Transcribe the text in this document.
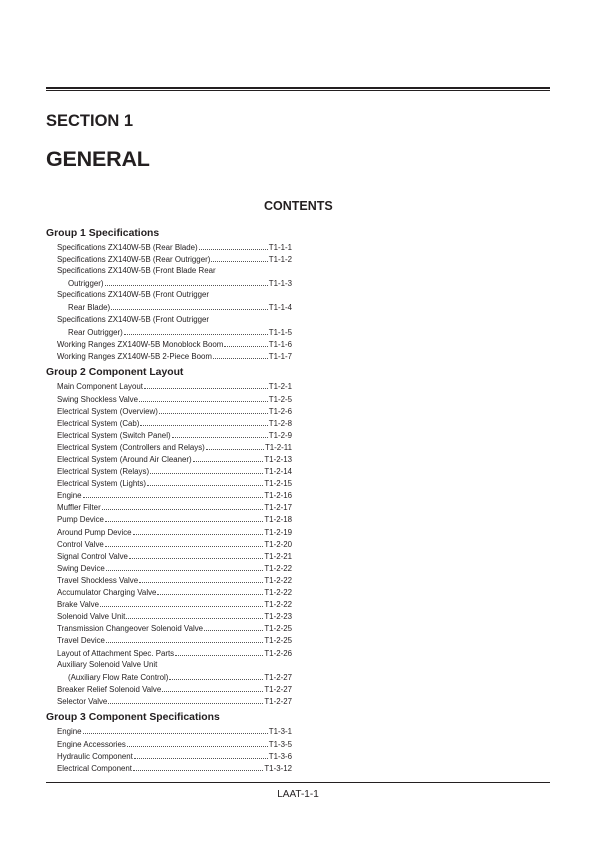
SECTION 1
GENERAL
CONTENTS
Group 1 Specifications
Specifications ZX140W-5B (Rear Blade)	T1-1-1
Specifications ZX140W-5B (Rear Outrigger)	T1-1-2
Specifications ZX140W-5B (Front Blade Rear
Outrigger)	T1-1-3
Specifications ZX140W-5B (Front Outrigger
Rear Blade)	T1-1-4
Specifications ZX140W-5B (Front Outrigger
Rear Outrigger)	T1-1-5
Working Ranges ZX140W-5B Monoblock Boom	T1-1-6
Working Ranges ZX140W-5B 2-Piece Boom	T1-1-7
Group 2 Component Layout
Main Component Layout	T1-2-1
Swing Shockless Valve	T1-2-5
Electrical System (Overview)	T1-2-6
Electrical System (Cab)	T1-2-8
Electrical System (Switch Panel)	T1-2-9
Electrical System (Controllers and Relays)	T1-2-11
Electrical System (Around Air Cleaner)	T1-2-13
Electrical System (Relays)	T1-2-14
Electrical System (Lights)	T1-2-15
Engine	T1-2-16
Muffler Filter	T1-2-17
Pump Device	T1-2-18
Around Pump Device	T1-2-19
Control Valve	T1-2-20
Signal Control Valve	T1-2-21
Swing Device	T1-2-22
Travel Shockless Valve	T1-2-22
Accumulator Charging Valve	T1-2-22
Brake Valve	T1-2-22
Solenoid Valve Unit	T1-2-23
Transmission Changeover Solenoid Valve	T1-2-25
Travel Device	T1-2-25
Layout of Attachment Spec. Parts	T1-2-26
Auxiliary Solenoid Valve Unit
(Auxiliary Flow Rate Control)	T1-2-27
Breaker Relief Solenoid Valve	T1-2-27
Selector Valve	T1-2-27
Group 3 Component Specifications
Engine	T1-3-1
Engine Accessories	T1-3-5
Hydraulic Component	T1-3-6
Electrical Component	T1-3-12
LAAT-1-1
